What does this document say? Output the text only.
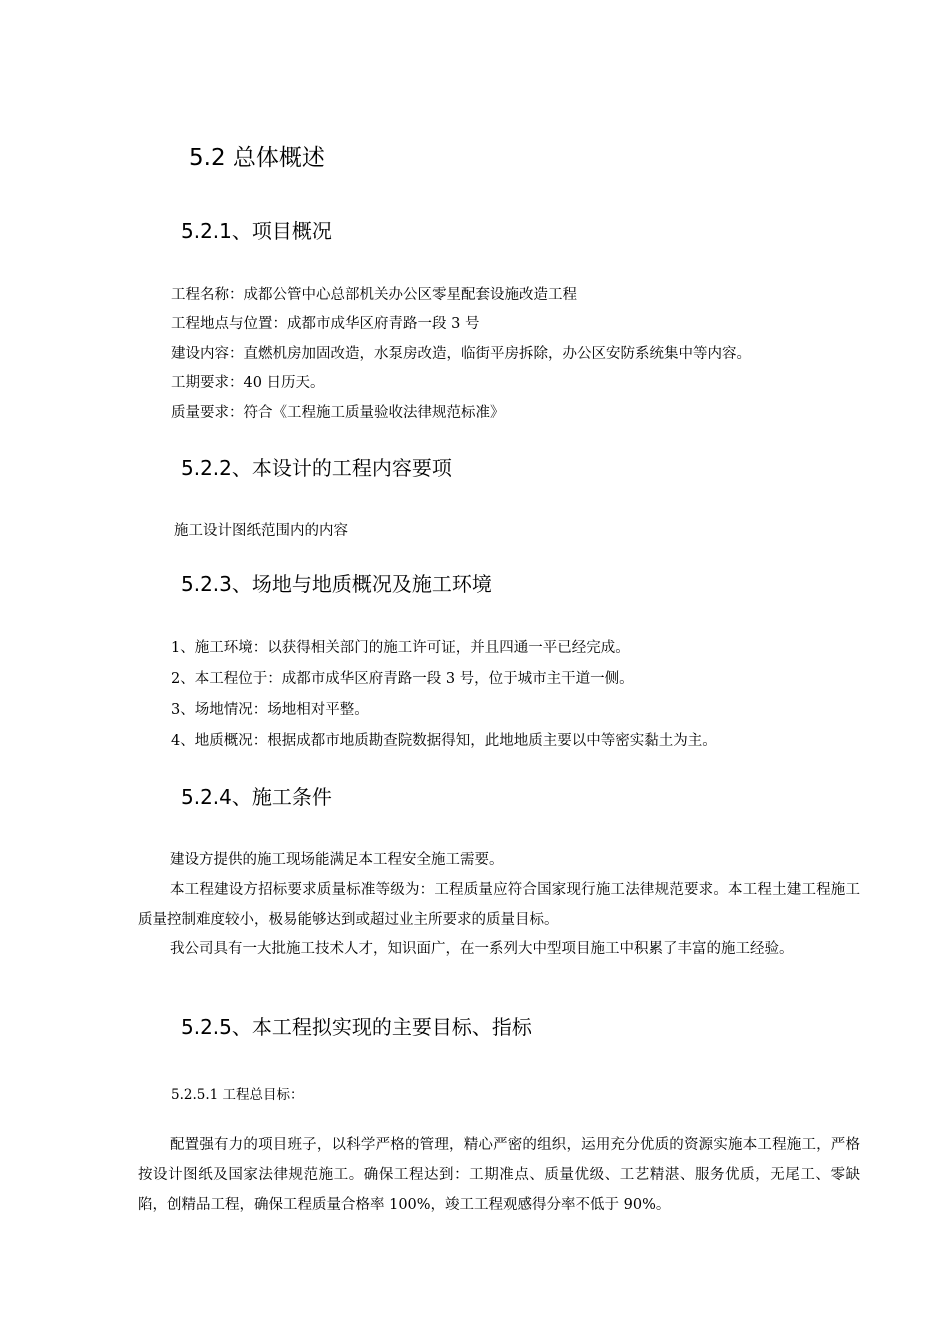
5.2 总体概述
5.2.1、项目概况

工程名称：成都公管中心总部机关办公区零星配套设施改造工程

工程地点与位置：成都市成华区府青路一段 3 号

建设内容：直燃机房加固改造，水泵房改造，临街平房拆除，办公区安防系统集中等内容。

工期要求：40 日历天。

质量要求：符合《工程施工质量验收法律规范标准》

5.2.2、本设计的工程内容要项

施工设计图纸范围内的内容

5.2.3、场地与地质概况及施工环境

1、施工环境：以获得相关部门的施工许可证，并且四通一平已经完成。

2、本工程位于：成都市成华区府青路一段 3 号，位于城市主干道一侧。

3、场地情况：场地相对平整。

4、地质概况：根据成都市地质勘查院数据得知，此地地质主要以中等密实黏土为主。

5.2.4、施工条件

建设方提供的施工现场能满足本工程安全施工需要。

本工程建设方招标要求质量标准等级为：工程质量应符合国家现行施工法律规范要求。本工程土建工程施工质量控制难度较小，极易能够达到或超过业主所要求的质量目标。

我公司具有一大批施工技术人才，知识面广，在一系列大中型项目施工中积累了丰富的施工经验。

5.2.5、本工程拟实现的主要目标、指标

5.2.5.1 工程总目标：

配置强有力的项目班子，以科学严格的管理，精心严密的组织，运用充分优质的资源实施本工程施工，严格按设计图纸及国家法律规范施工。确保工程达到：工期准点、质量优级、工艺精湛、服务优质，无尾工、零缺陷，创精品工程，确保工程质量合格率 100%，竣工工程观感得分率不低于 90%。
